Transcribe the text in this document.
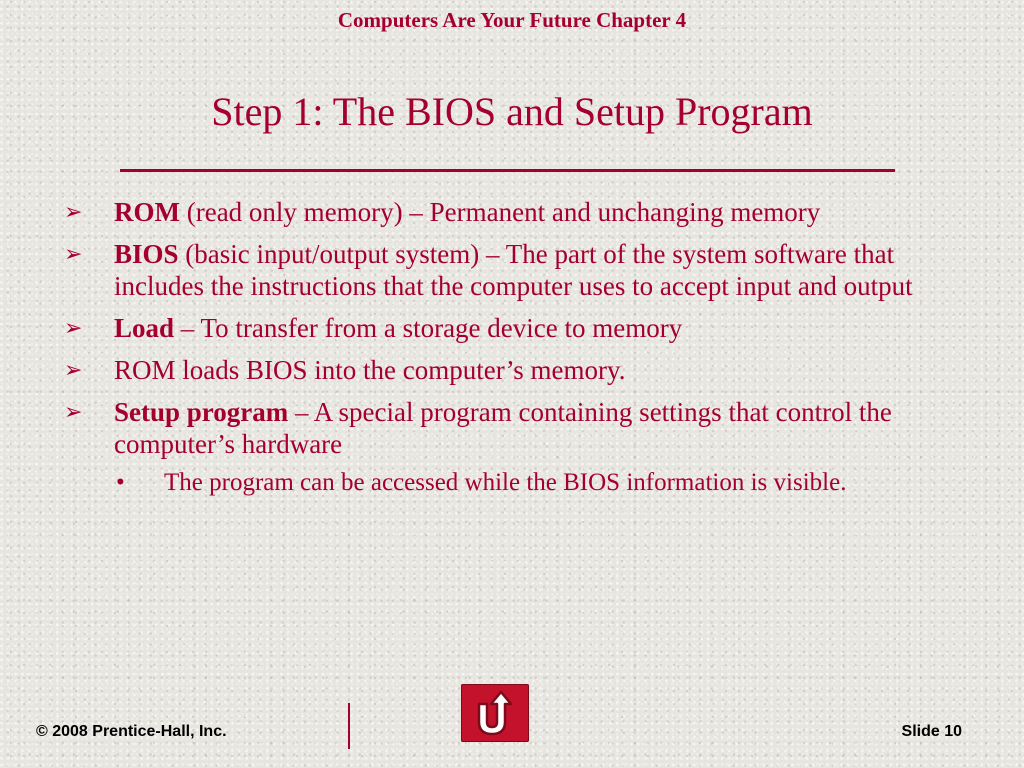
Computers Are Your Future Chapter 4
Step 1: The BIOS and Setup Program
➢ ROM (read only memory) – Permanent and unchanging memory
➢ BIOS (basic input/output system) – The part of the system software that includes the instructions that the computer uses to accept input and output
➢ Load – To transfer from a storage device to memory
➢ ROM loads BIOS into the computer’s memory.
➢ Setup program – A special program containing settings that control the computer’s hardware
• The program can be accessed while the BIOS information is visible.
© 2008 Prentice-Hall, Inc.	Slide 10
